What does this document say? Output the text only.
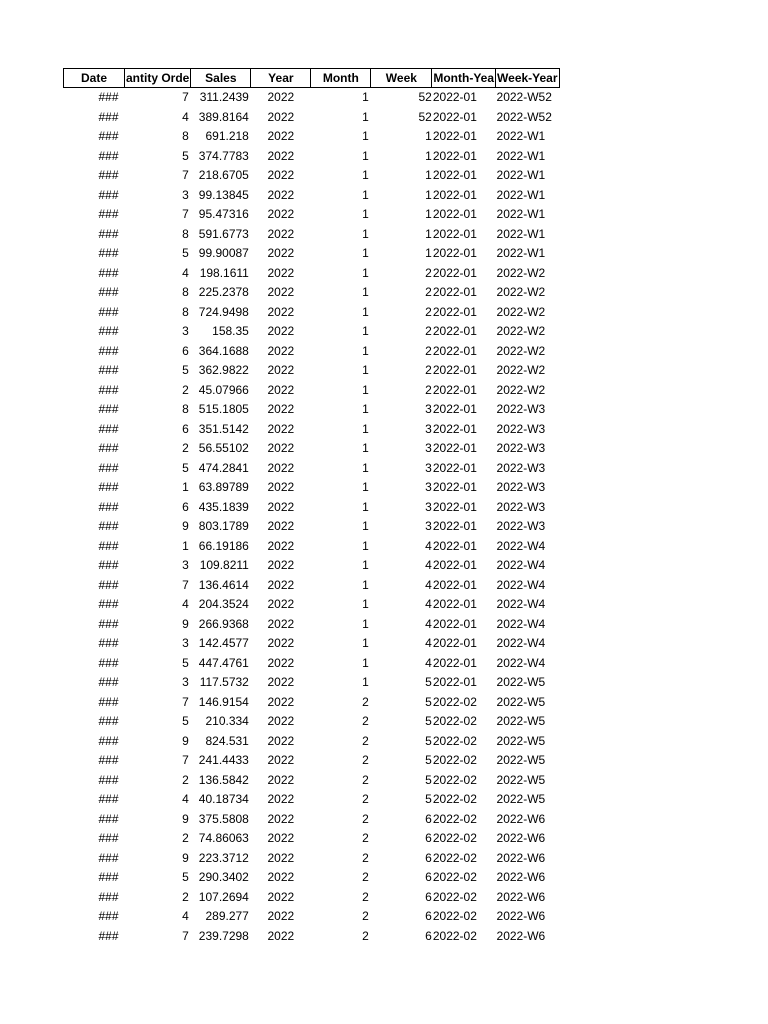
Date	antity Orde	Sales	Year	Month	Week	Month-Yea	Week-Year
###	7	311.2439	2022	1	52	2022-01	2022-W52
###	4	389.8164	2022	1	52	2022-01	2022-W52
###	8	691.218	2022	1	1	2022-01	2022-W1
###	5	374.7783	2022	1	1	2022-01	2022-W1
###	7	218.6705	2022	1	1	2022-01	2022-W1
###	3	99.13845	2022	1	1	2022-01	2022-W1
###	7	95.47316	2022	1	1	2022-01	2022-W1
###	8	591.6773	2022	1	1	2022-01	2022-W1
###	5	99.90087	2022	1	1	2022-01	2022-W1
###	4	198.1611	2022	1	2	2022-01	2022-W2
###	8	225.2378	2022	1	2	2022-01	2022-W2
###	8	724.9498	2022	1	2	2022-01	2022-W2
###	3	158.35	2022	1	2	2022-01	2022-W2
###	6	364.1688	2022	1	2	2022-01	2022-W2
###	5	362.9822	2022	1	2	2022-01	2022-W2
###	2	45.07966	2022	1	2	2022-01	2022-W2
###	8	515.1805	2022	1	3	2022-01	2022-W3
###	6	351.5142	2022	1	3	2022-01	2022-W3
###	2	56.55102	2022	1	3	2022-01	2022-W3
###	5	474.2841	2022	1	3	2022-01	2022-W3
###	1	63.89789	2022	1	3	2022-01	2022-W3
###	6	435.1839	2022	1	3	2022-01	2022-W3
###	9	803.1789	2022	1	3	2022-01	2022-W3
###	1	66.19186	2022	1	4	2022-01	2022-W4
###	3	109.8211	2022	1	4	2022-01	2022-W4
###	7	136.4614	2022	1	4	2022-01	2022-W4
###	4	204.3524	2022	1	4	2022-01	2022-W4
###	9	266.9368	2022	1	4	2022-01	2022-W4
###	3	142.4577	2022	1	4	2022-01	2022-W4
###	5	447.4761	2022	1	4	2022-01	2022-W4
###	3	117.5732	2022	1	5	2022-01	2022-W5
###	7	146.9154	2022	2	5	2022-02	2022-W5
###	5	210.334	2022	2	5	2022-02	2022-W5
###	9	824.531	2022	2	5	2022-02	2022-W5
###	7	241.4433	2022	2	5	2022-02	2022-W5
###	2	136.5842	2022	2	5	2022-02	2022-W5
###	4	40.18734	2022	2	5	2022-02	2022-W5
###	9	375.5808	2022	2	6	2022-02	2022-W6
###	2	74.86063	2022	2	6	2022-02	2022-W6
###	9	223.3712	2022	2	6	2022-02	2022-W6
###	5	290.3402	2022	2	6	2022-02	2022-W6
###	2	107.2694	2022	2	6	2022-02	2022-W6
###	4	289.277	2022	2	6	2022-02	2022-W6
###	7	239.7298	2022	2	6	2022-02	2022-W6
